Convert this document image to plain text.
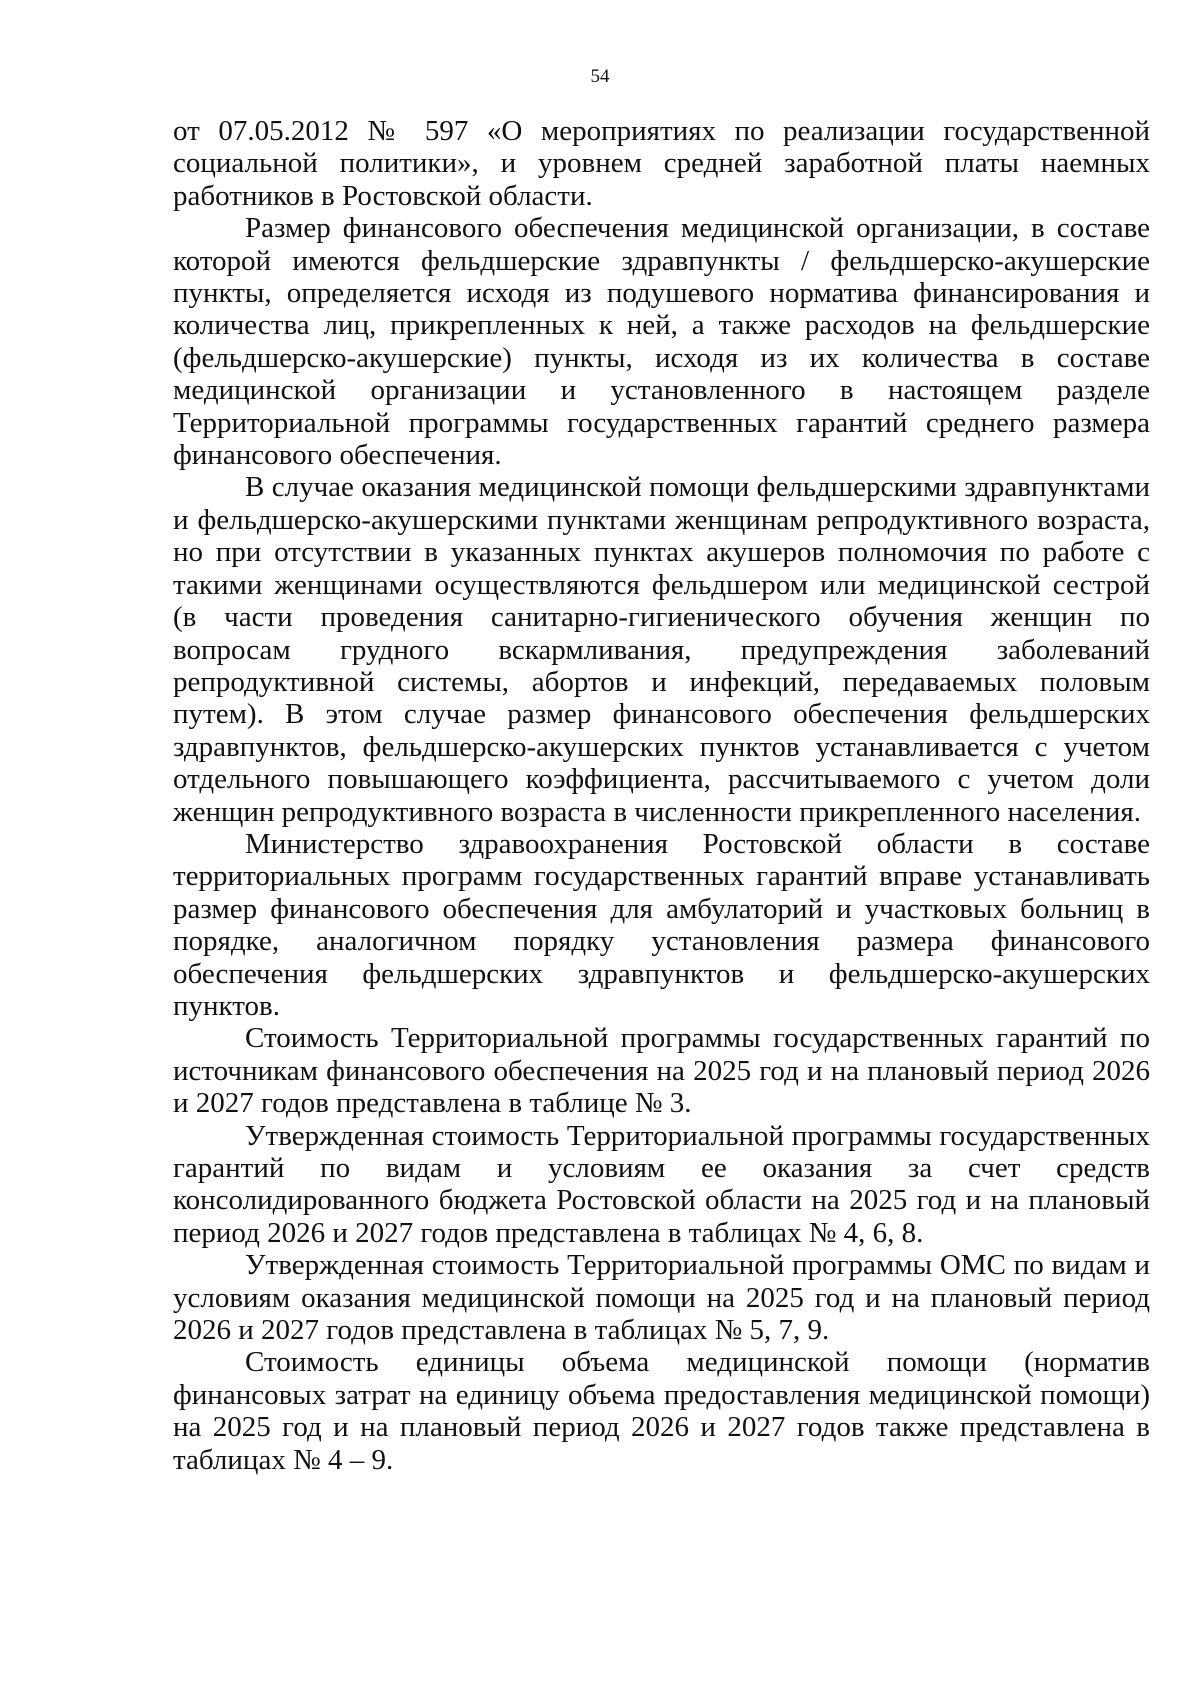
54

от 07.05.2012 № 597 «О мероприятиях по реализации государственной социальной политики», и уровнем средней заработной платы наемных работников в Ростовской области.

Размер финансового обеспечения медицинской организации, в составе которой имеются фельдшерские здравпункты / фельдшерско-акушерские пункты, определяется исходя из подушевого норматива финансирования и количества лиц, прикрепленных к ней, а также расходов на фельдшерские (фельдшерско-акушерские) пункты, исходя из их количества в составе медицинской организации и установленного в настоящем разделе Территориальной программы государственных гарантий среднего размера финансового обеспечения.

В случае оказания медицинской помощи фельдшерскими здравпунктами и фельдшерско-акушерскими пунктами женщинам репродуктивного возраста, но при отсутствии в указанных пунктах акушеров полномочия по работе с такими женщинами осуществляются фельдшером или медицинской сестрой (в части проведения санитарно-гигиенического обучения женщин по вопросам грудного вскармливания, предупреждения заболеваний репродуктивной системы, абортов и инфекций, передаваемых половым путем). В этом случае размер финансового обеспечения фельдшерских здравпунктов, фельдшерско-акушерских пунктов устанавливается с учетом отдельного повышающего коэффициента, рассчитываемого с учетом доли женщин репродуктивного возраста в численности прикрепленного населения.

Министерство здравоохранения Ростовской области в составе территориальных программ государственных гарантий вправе устанавливать размер финансового обеспечения для амбулаторий и участковых больниц в порядке, аналогичном порядку установления размера финансового обеспечения фельдшерских здравпунктов и фельдшерско-акушерских пунктов.

Стоимость Территориальной программы государственных гарантий по источникам финансового обеспечения на 2025 год и на плановый период 2026 и 2027 годов представлена в таблице № 3.

Утвержденная стоимость Территориальной программы государственных гарантий по видам и условиям ее оказания за счет средств консолидированного бюджета Ростовской области на 2025 год и на плановый период 2026 и 2027 годов представлена в таблицах № 4, 6, 8.

Утвержденная стоимость Территориальной программы ОМС по видам и условиям оказания медицинской помощи на 2025 год и на плановый период 2026 и 2027 годов представлена в таблицах № 5, 7, 9.

Стоимость единицы объема медицинской помощи (норматив финансовых затрат на единицу объема предоставления медицинской помощи) на 2025 год и на плановый период 2026 и 2027 годов также представлена в таблицах № 4 – 9.
